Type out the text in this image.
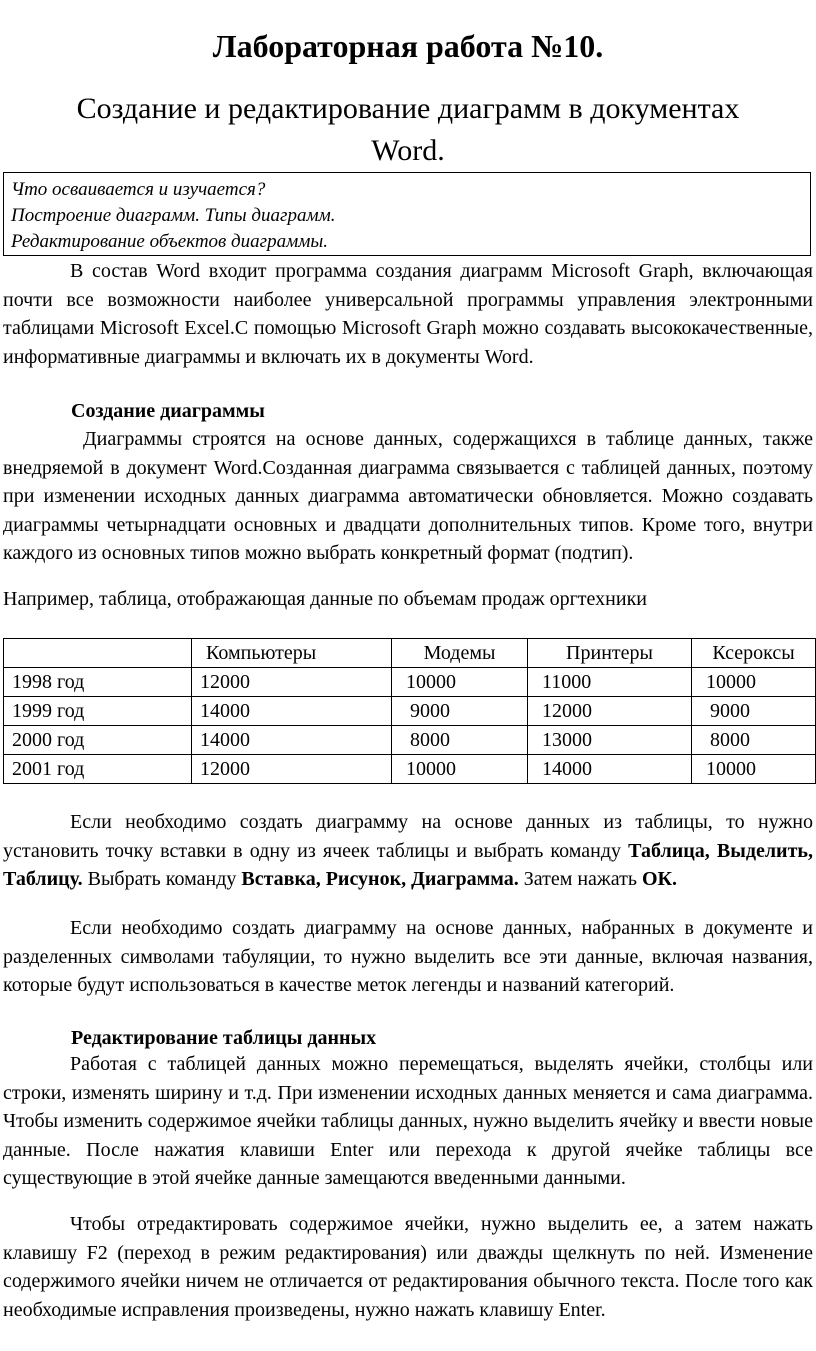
Лабораторная работа №10.
Создание и редактирование диаграмм в документах
Word.
Что осваивается и изучается?
Построение диаграмм. Типы диаграмм.
Редактирование объектов диаграммы.
В состав Word входит программа создания диаграмм Microsoft Graph, включающая почти все возможности наиболее универсальной программы управления электронными таблицами Microsoft Excel.С помощью Microsoft Graph можно создавать высококачественные, информативные диаграммы и включать их в документы Word.
Создание диаграммы
Диаграммы строятся на основе данных, содержащихся в таблице данных, также внедряемой в документ Word.Созданная диаграмма связывается с таблицей данных, поэтому при изменении исходных данных диаграмма автоматически обновляется. Можно создавать диаграммы четырнадцати основных и двадцати дополнительных типов. Кроме того, внутри каждого из основных типов можно выбрать конкретный формат (подтип).
Например, таблица, отображающая данные по объемам продаж оргтехники
	Компьютеры	Модемы	Принтеры	Ксероксы
1998 год	12000	10000	11000	10000
1999 год	14000	9000	12000	9000
2000 год	14000	8000	13000	8000
2001 год	12000	10000	14000	10000
Если необходимо создать диаграмму на основе данных из таблицы, то нужно установить точку вставки в одну из ячеек таблицы и выбрать команду Таблица, Выделить, Таблицу. Выбрать команду Вставка, Рисунок, Диаграмма. Затем нажать ОК.
Если необходимо создать диаграмму на основе данных, набранных в документе и разделенных символами табуляции, то нужно выделить все эти данные, включая названия, которые будут использоваться в качестве меток легенды и названий категорий.
Редактирование таблицы данных
Работая с таблицей данных можно перемещаться, выделять ячейки, столбцы или строки, изменять ширину и т.д. При изменении исходных данных меняется и сама диаграмма. Чтобы изменить содержимое ячейки таблицы данных, нужно выделить ячейку и ввести новые данные. После нажатия клавиши Enter или перехода к другой ячейке таблицы все существующие в этой ячейке данные замещаются введенными данными.
Чтобы отредактировать содержимое ячейки, нужно выделить ее, а затем нажать клавишу F2 (переход в режим редактирования) или дважды щелкнуть по ней. Изменение содержимого ячейки ничем не отличается от редактирования обычного текста. После того как необходимые исправления произведены, нужно нажать клавишу Enter.
